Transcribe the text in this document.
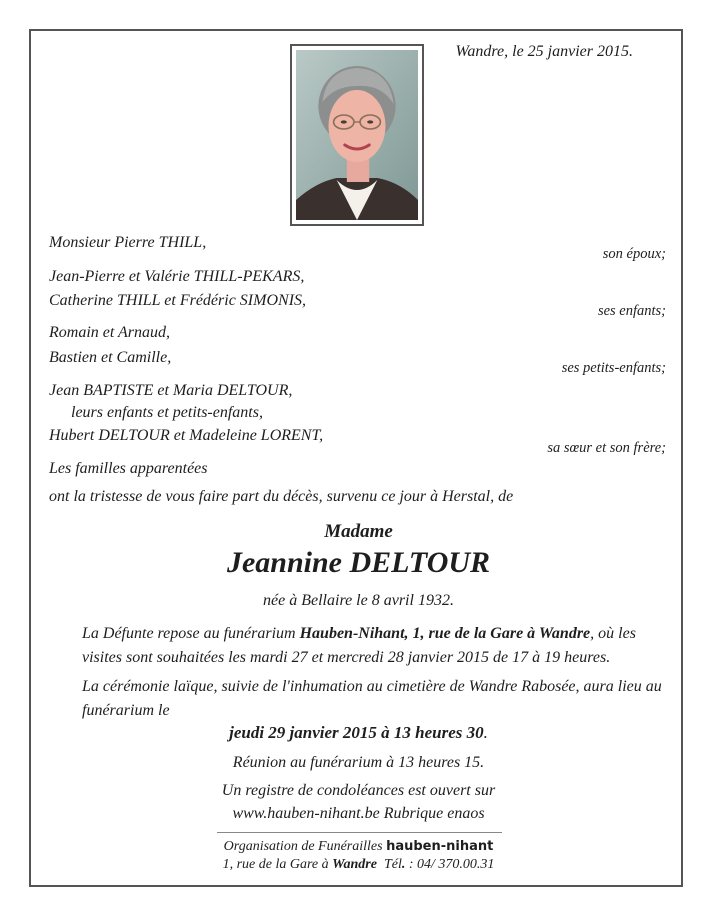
Wandre, le 25 janvier 2015.
Monsieur Pierre THILL,
son époux;
Jean-Pierre et Valérie THILL-PEKARS,
Catherine THILL et Frédéric SIMONIS,
ses enfants;
Romain et Arnaud,
Bastien et Camille,
ses petits-enfants;
Jean BAPTISTE et Maria DELTOUR,
leurs enfants et petits-enfants,
Hubert DELTOUR et Madeleine LORENT,
sa sœur et son frère;
Les familles apparentées
ont la tristesse de vous faire part du décès, survenu ce jour à Herstal, de
Madame
Jeannine DELTOUR
née à Bellaire le 8 avril 1932.

La Défunte repose au funérarium Hauben-Nihant, 1, rue de la Gare à Wandre, où les visites sont souhaitées les mardi 27 et mercredi 28 janvier 2015 de 17 à 19 heures.

La cérémonie laïque, suivie de l'inhumation au cimetière de Wandre Rabosée, aura lieu au funérarium le

jeudi 29 janvier 2015 à 13 heures 30.
Réunion au funérarium à 13 heures 15.
Un registre de condoléances est ouvert sur
www.hauben-nihant.be Rubrique enaos
Organisation de Funérailles hauben-nihant
1, rue de la Gare à Wandre Tél. : 04/ 370.00.31
